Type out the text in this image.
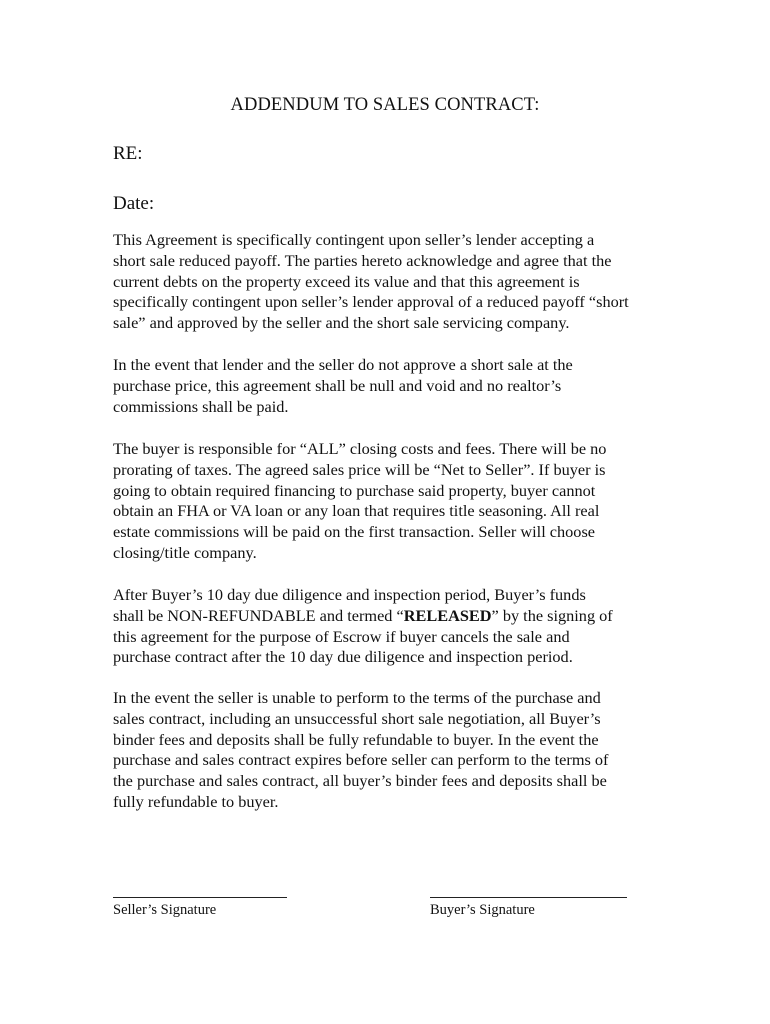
ADDENDUM TO SALES CONTRACT:
RE:
Date:

This Agreement is specifically contingent upon seller’s lender accepting a
short sale reduced payoff. The parties hereto acknowledge and agree that the
current debts on the property exceed its value and that this agreement is
specifically contingent upon seller’s lender approval of a reduced payoff “short
sale” and approved by the seller and the short sale servicing company.

In the event that lender and the seller do not approve a short sale at the
purchase price, this agreement shall be null and void and no realtor’s
commissions shall be paid.

The buyer is responsible for “ALL” closing costs and fees. There will be no
prorating of taxes. The agreed sales price will be “Net to Seller”. If buyer is
going to obtain required financing to purchase said property, buyer cannot
obtain an FHA or VA loan or any loan that requires title seasoning. All real
estate commissions will be paid on the first transaction. Seller will choose
closing/title company.

After Buyer’s 10 day due diligence and inspection period, Buyer’s funds
shall be NON-REFUNDABLE and termed “RELEASED” by the signing of
this agreement for the purpose of Escrow if buyer cancels the sale and
purchase contract after the 10 day due diligence and inspection period.

In the event the seller is unable to perform to the terms of the purchase and
sales contract, including an unsuccessful short sale negotiation, all Buyer’s
binder fees and deposits shall be fully refundable to buyer. In the event the
purchase and sales contract expires before seller can perform to the terms of
the purchase and sales contract, all buyer’s binder fees and deposits shall be
fully refundable to buyer.

Seller’s Signature	Buyer’s Signature
